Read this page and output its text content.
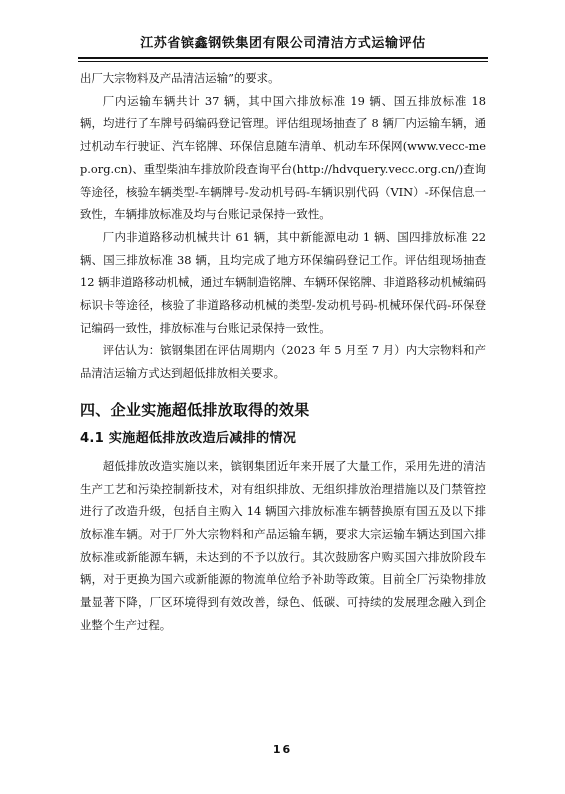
江苏省镔鑫钢铁集团有限公司清洁方式运输评估

出厂大宗物料及产品清洁运输”的要求。

厂内运输车辆共计 37 辆，其中国六排放标准 19 辆、国五排放标准 18 辆，均进行了车牌号码编码登记管理。评估组现场抽查了 8 辆厂内运输车辆，通过机动车行驶证、汽车铭牌、环保信息随车清单、机动车环保网(www.vecc-mep.org.cn)、重型柴油车排放阶段查询平台(http://hdvquery.vecc.org.cn/)查询等途径，核验车辆类型-车辆牌号-发动机号码-车辆识别代码（VIN）-环保信息一致性，车辆排放标准及均与台账记录保持一致性。

厂内非道路移动机械共计 61 辆，其中新能源电动 1 辆、国四排放标准 22 辆、国三排放标准 38 辆，且均完成了地方环保编码登记工作。评估组现场抽查 12 辆非道路移动机械，通过车辆制造铭牌、车辆环保铭牌、非道路移动机械编码标识卡等途径，核验了非道路移动机械的类型-发动机号码-机械环保代码-环保登记编码一致性，排放标准与台账记录保持一致性。

评估认为：镔钢集团在评估周期内（2023 年 5 月至 7 月）内大宗物料和产品清洁运输方式达到超低排放相关要求。

四、企业实施超低排放取得的效果
4.1 实施超低排放改造后减排的情况

超低排放改造实施以来，镔钢集团近年来开展了大量工作，采用先进的清洁生产工艺和污染控制新技术，对有组织排放、无组织排放治理措施以及门禁管控进行了改造升级，包括自主购入 14 辆国六排放标准车辆替换原有国五及以下排放标准车辆。对于厂外大宗物料和产品运输车辆，要求大宗运输车辆达到国六排放标准或新能源车辆，未达到的不予以放行。其次鼓励客户购买国六排放阶段车辆，对于更换为国六或新能源的物流单位给予补助等政策。目前全厂污染物排放量显著下降，厂区环境得到有效改善，绿色、低碳、可持续的发展理念融入到企业整个生产过程。

16
